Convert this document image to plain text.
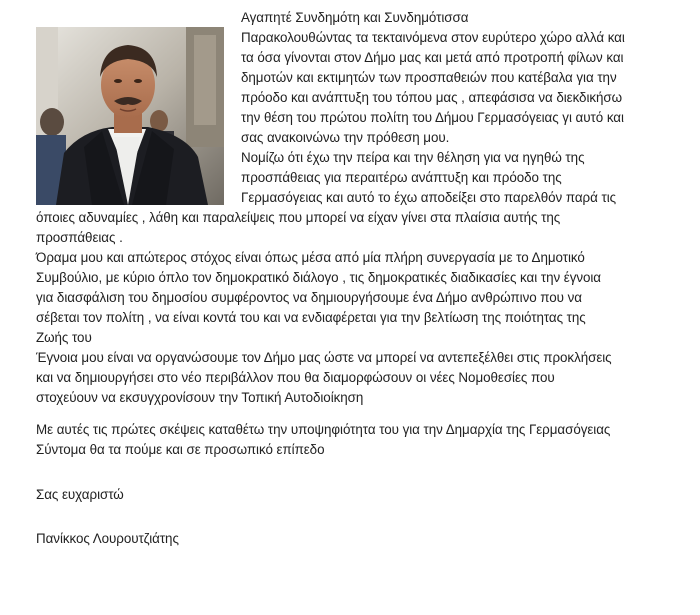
Αγαπητέ Συνδημότη και Συνδημότισσα
Παρακολουθώντας τα τεκταινόμενα στον ευρύτερο χώρο αλλά και
τα όσα γίνονται στον Δήμο μας και μετά από προτροπή φίλων και
δημοτών και εκτιμητών των προσπαθειών που κατέβαλα για την
πρόοδο και ανάπτυξη του τόπου μας , απεφάσισα να διεκδικήσω
την θέση του πρώτου πολίτη του Δήμου Γερμασόγειας γι αυτό και
σας ανακοινώνω την πρόθεση μου.
Νομίζω ότι έχω την πείρα και την θέληση για να ηγηθώ της
προσπάθειας για περαιτέρω ανάπτυξη και πρόοδο της
Γερμασόγειας και αυτό το έχω αποδείξει στο παρελθόν παρά τις
όποιες αδυναμίες , λάθη και παραλείψεις που μπορεί να είχαν γίνει στα πλαίσια αυτής της
προσπάθειας .
Όραμα μου και απώτερος στόχος είναι όπως μέσα από μία πλήρη συνεργασία με το Δημοτικό
Συμβούλιο, με κύριο όπλο τον δημοκρατικό διάλογο , τις δημοκρατικές διαδικασίες και την έγνοια
για διασφάλιση του δημοσίου συμφέροντος να δημιουργήσουμε ένα Δήμο ανθρώπινο που να
σέβεται τον πολίτη , να είναι κοντά του και να ενδιαφέρεται για την βελτίωση της ποιότητας της
Ζωής του
Έγνοια μου είναι να οργανώσουμε τον Δήμο μας ώστε να μπορεί να αντεπεξέλθει στις προκλήσεις
και να δημιουργήσει στο νέο περιβάλλον που θα διαμορφώσουν οι νέες Νομοθεσίες που
στοχεύουν να εκσυγχρονίσουν την Τοπική Αυτοδιοίκηση
Με αυτές τις πρώτες σκέψεις καταθέτω την υποψηφιότητα του για την Δημαρχία της Γερμασόγειας
Σύντομα θα τα πούμε και σε προσωπικό επίπεδο
Σας ευχαριστώ
Πανίκκος Λουρουτζιάτης
